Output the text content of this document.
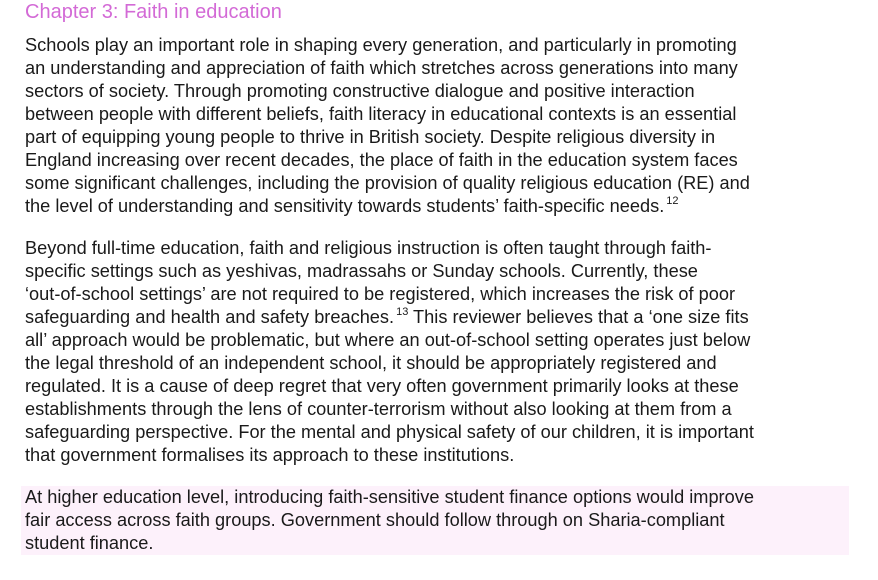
Chapter 3: Faith in education

Schools play an important role in shaping every generation, and particularly in promoting
an understanding and appreciation of faith which stretches across generations into many
sectors of society. Through promoting constructive dialogue and positive interaction
between people with different beliefs, faith literacy in educational contexts is an essential
part of equipping young people to thrive in British society. Despite religious diversity in
England increasing over recent decades, the place of faith in the education system faces
some significant challenges, including the provision of quality religious education (RE) and
the level of understanding and sensitivity towards students’ faith-specific needs. $^{12}$

Beyond full-time education, faith and religious instruction is often taught through faith-
specific settings such as yeshivas, madrassahs or Sunday schools. Currently, these
‘out-of-school settings’ are not required to be registered, which increases the risk of poor
safeguarding and health and safety breaches. $^{13}$ This reviewer believes that a ‘one size fits
all’ approach would be problematic, but where an out-of-school setting operates just below
the legal threshold of an independent school, it should be appropriately registered and
regulated. It is a cause of deep regret that very often government primarily looks at these
establishments through the lens of counter-terrorism without also looking at them from a
safeguarding perspective. For the mental and physical safety of our children, it is important
that government formalises its approach to these institutions.

At higher education level, introducing faith-sensitive student finance options would improve
fair access across faith groups. Government should follow through on Sharia-compliant
student finance.
